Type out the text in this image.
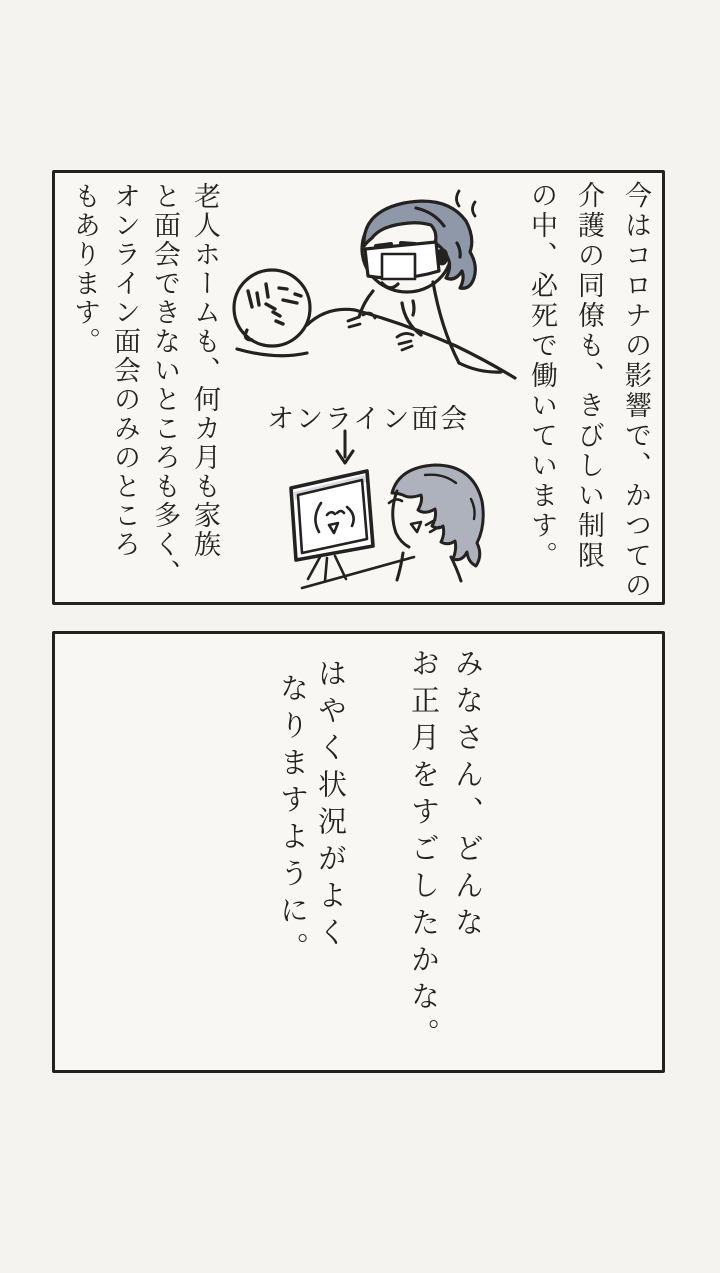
今はコロナの影響で、かつての
介護の同僚も、きびしい制限
の中、必死で働いています。
老人ホームも、何カ月も家族
と面会できないところも多く、
オンライン面会のみのところ
もあります。
オンライン面会
みなさん、どんな
お正月をすごしたかな。
はやく状況がよく
なりますように。
